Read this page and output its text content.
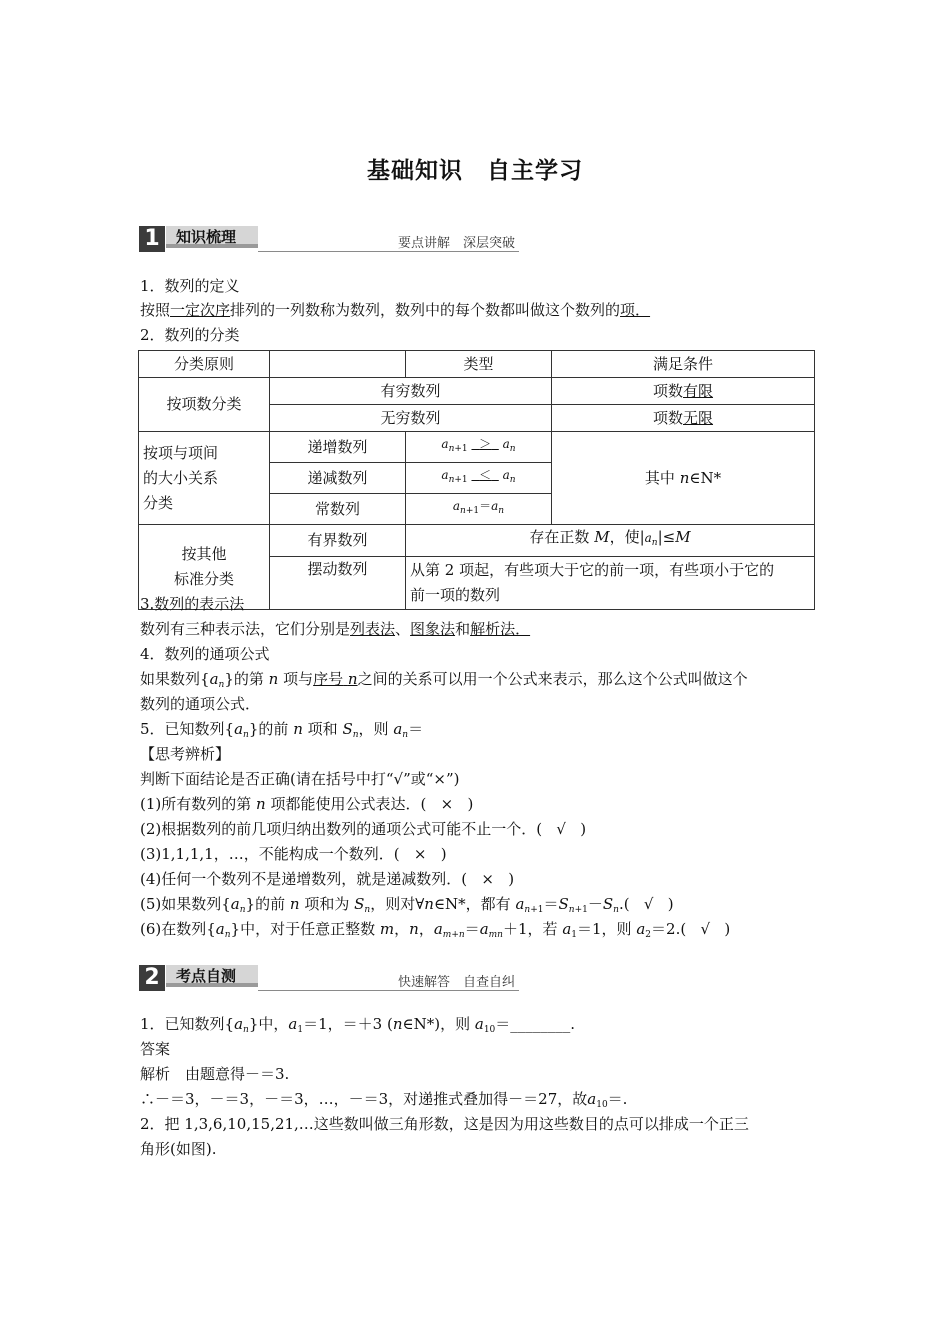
基础知识　自主学习
1	知识梳理	要点讲解　深层突破
1．数列的定义
按照一定次序排列的一列数称为数列，数列中的每个数都叫做这个数列的项．
2．数列的分类
分类原则		类型	满足条件
按项数分类	有穷数列		项数有限
	无穷数列		项数无限

按项与项间
的大小关系
分类	递增数列	$a_{n+1} > a_n$	其中 n∈N*
	递减数列	$a_{n+1} < a_n$
	常数列	$a_{n+1}=a_n$

按其他
标准分类	有界数列	存在正数 M，使$|a_n|\le M$	
	摆动数列	从第 2 项起，有些项大于它的前一项，有些项小于它的
前一项的数列	
3.数列的表示法
数列有三种表示法，它们分别是列表法、图象法和解析法．
4．数列的通项公式
如果数列$\{a_n\}$的第 n 项与序号 n之间的关系可以用一个公式来表示，那么这个公式叫做这个
数列的通项公式．
5．已知数列$\{a_n\}$的前 n 项和 $S_n$，则 $a_n=$
【思考辨析】
判断下面结论是否正确(请在括号中打“√”或“×”)
(1)所有数列的第 n 项都能使用公式表达．( ×   )
(2)根据数列的前几项归纳出数列的通项公式可能不止一个．( √   )
(3)1,1,1,1，…，不能构成一个数列．( ×   )
(4)任何一个数列不是递增数列，就是递减数列．( ×   )
(5)如果数列$\{a_n\}$的前 n 项和为 $S_n$，则对∀n∈N*，都有 $a_{n+1}=S_{n+1}-S_n$.(   √   )
(6)在数列$\{a_n\}$中，对于任意正整数 m，n，$a_{m+n}=a_{mn}+1$，若 $a_1=1$，则 $a_2=2$.( √   )
2	考点自测	快速解答　自查自纠
1．已知数列$\{a_n\}$中，$a_1=1$，＝＋3 (n∈N*)，则 $a_{10}=\_\_\_\_\_\_\_\_$.
答案
解析　由题意得－＝3.
∴－＝3，－＝3，－＝3，…，－＝3，对递推式叠加得－＝27，故$a_{10}=$.
2．把 1,3,6,10,15,21,…这些数叫做三角形数，这是因为用这些数目的点可以排成一个正三
角形(如图).
